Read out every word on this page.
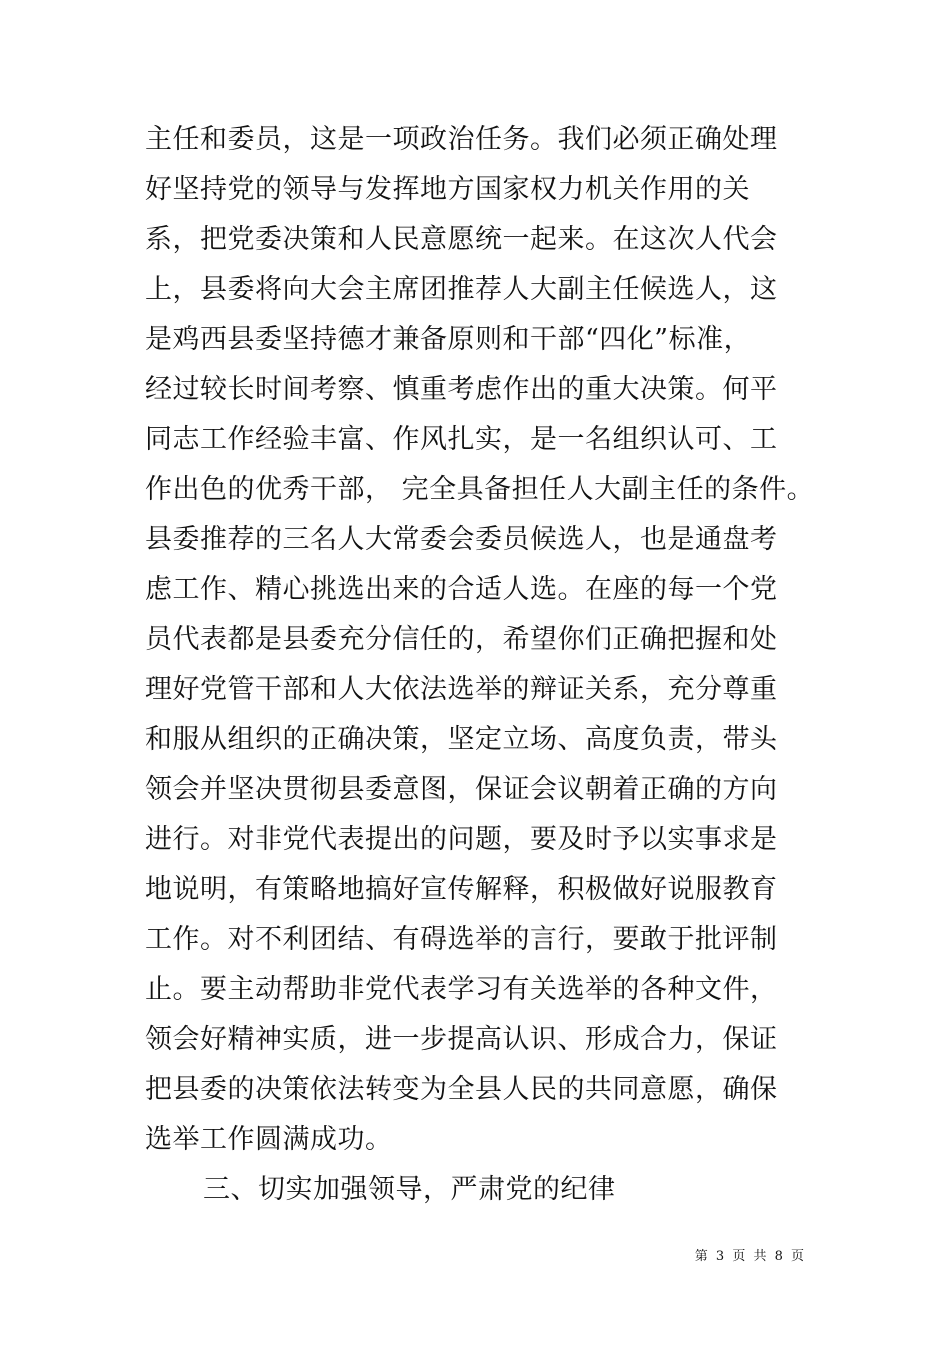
主任和委员，这是一项政治任务。我们必须正确处理
好坚持党的领导与发挥地方国家权力机关作用的关
系，把党委决策和人民意愿统一起来。在这次人代会
上，县委将向大会主席团推荐人大副主任候选人，这
是鸡西县委坚持德才兼备原则和干部“四化”标准，
经过较长时间考察、慎重考虑作出的重大决策。何平
同志工作经验丰富、作风扎实，是一名组织认可、工
作出色的优秀干部， 完全具备担任人大副主任的条件。
县委推荐的三名人大常委会委员候选人，也是通盘考
虑工作、精心挑选出来的合适人选。在座的每一个党
员代表都是县委充分信任的，希望你们正确把握和处
理好党管干部和人大依法选举的辩证关系，充分尊重
和服从组织的正确决策，坚定立场、高度负责，带头
领会并坚决贯彻县委意图，保证会议朝着正确的方向
进行。对非党代表提出的问题，要及时予以实事求是
地说明，有策略地搞好宣传解释，积极做好说服教育
工作。对不利团结、有碍选举的言行，要敢于批评制
止。要主动帮助非党代表学习有关选举的各种文件，
领会好精神实质，进一步提高认识、形成合力，保证
把县委的决策依法转变为全县人民的共同意愿，确保
选举工作圆满成功。
三、切实加强领导，严肃党的纪律
第 3 页 共 8 页
